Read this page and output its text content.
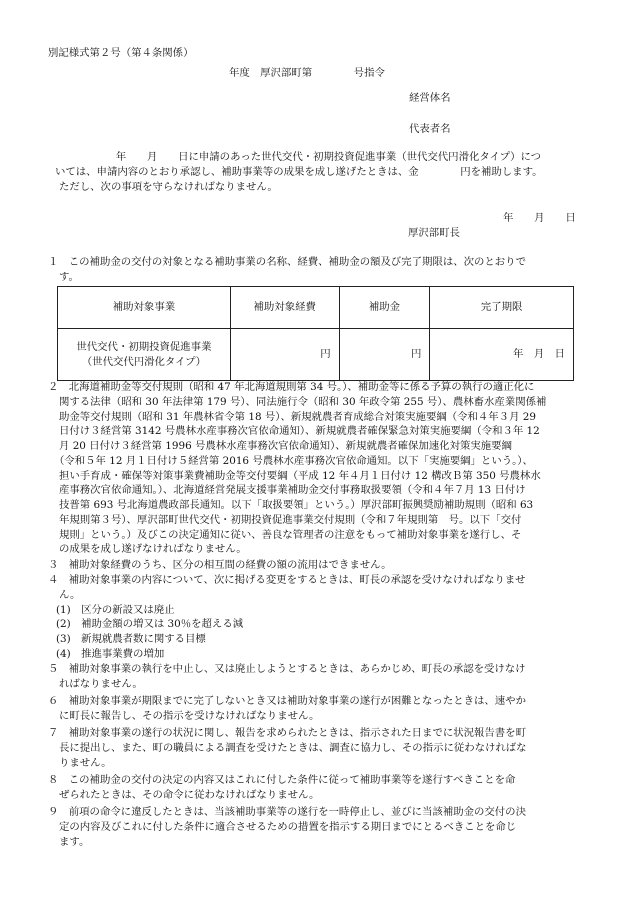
別記様式第２号（第４条関係）
年度　厚沢部町第　　　　号指令
経営体名
代表者名
　　年　　月　　日に申請のあった世代交代・初期投資促進事業（世代交代円滑化タイプ）につ
いては、申請内容のとおり承認し、補助事業等の成果を成し遂げたときは、金　　　　円を補助します。
ただし、次の事項を守らなければなりません。
年　　月　　日
厚沢部町長
１　この補助金の交付の対象となる補助事業の名称、経費、補助金の額及び完了期限は、次のとおりで
す。
補助対象事業	補助対象経費	補助金	完了期限

世代交代・初期投資促進事業
（世代交代円滑化タイプ）	円	円	年　月　日
２　北海道補助金等交付規則（昭和 47 年北海道規則第 34 号。）、補助金等に係る予算の執行の適正化に
関する法律（昭和 30 年法律第 179 号）、同法施行令（昭和 30 年政令第 255 号）、農林畜水産業関係補
助金等交付規則（昭和 31 年農林省令第 18 号）、新規就農者育成総合対策実施要綱（令和４年３月 29
日付け３経営第 3142 号農林水産事務次官依命通知）、新規就農者確保緊急対策実施要綱（令和３年 12
月 20 日付け３経営第 1996 号農林水産事務次官依命通知）、新規就農者確保加速化対策実施要綱
（令和５年 12 月１日付け５経営第 2016 号農林水産事務次官依命通知。以下「実施要綱」という。）、
担い手育成・確保等対策事業費補助金等交付要綱（平成 12 年４月１日付け 12 構改Ｂ第 350 号農林水
産事務次官依命通知。）、北海道経営発展支援事業補助金交付事務取扱要領（令和４年７月 13 日付け
技普第 693 号北海道農政部長通知。以下「取扱要領」という。）厚沢部町振興奨励補助規則（昭和 63
年規則第３号）、厚沢部町世代交代・初期投資促進事業交付規則（令和７年規則第　号。以下「交付
規則」という。）及びこの決定通知に従い、善良な管理者の注意をもって補助対象事業を遂行し、そ
の成果を成し遂げなければなりません。
３　補助対象経費のうち、区分の相互間の経費の額の流用はできません。
４　補助対象事業の内容について、次に掲げる変更をするときは、町長の承認を受けなければなりませ
ん。
(1)　区分の新設又は廃止
(2)　補助金額の増又は 30％を超える減
(3)　新規就農者数に関する目標
(4)　推進事業費の増加
５　補助対象事業の執行を中止し、又は廃止しようとするときは、あらかじめ、町長の承認を受けなけ
ればなりません。
６　補助対象事業が期限までに完了しないとき又は補助対象事業の遂行が困難となったときは、速やか
に町長に報告し、その指示を受けなければなりません。
７　補助対象事業の遂行の状況に関し、報告を求められたときは、指示された日までに状況報告書を町
長に提出し、また、町の職員による調査を受けたときは、調査に協力し、その指示に従わなければな
りません。
８　この補助金の交付の決定の内容又はこれに付した条件に従って補助事業等を遂行すべきことを命
ぜられたときは、その命令に従わなければなりません。
９　前項の命令に違反したときは、当該補助事業等の遂行を一時停止し、並びに当該補助金の交付の決
定の内容及びこれに付した条件に適合させるための措置を指示する期日までにとるべきことを命じ
ます。
